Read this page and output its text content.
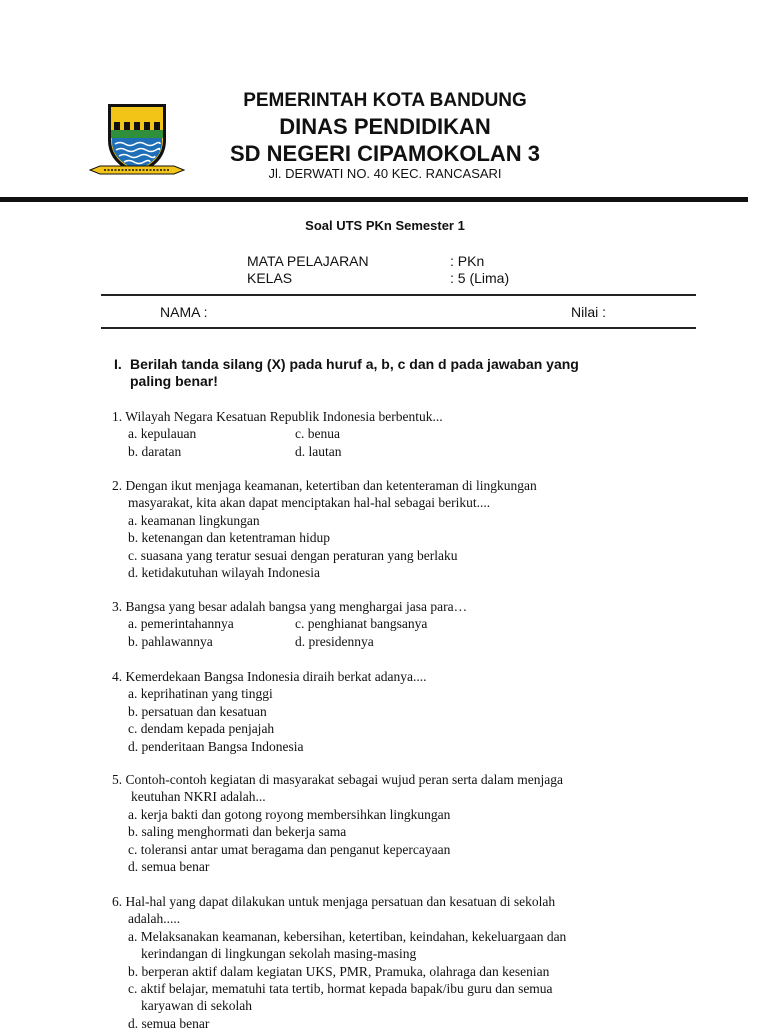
PEMERINTAH KOTA BANDUNG
DINAS PENDIDIKAN
SD NEGERI CIPAMOKOLAN 3
Jl. DERWATI NO. 40 KEC. RANCASARI
Soal UTS PKn Semester 1
MATA PELAJARAN	: PKn
KELAS	: 5 (Lima)
NAMA :	Nilai :
I. Berilah tanda silang (X) pada huruf a, b, c dan d pada jawaban yang
paling benar!
1. Wilayah Negara Kesatuan Republik Indonesia berbentuk...
a. kepulauan	c. benua
b. daratan	d. lautan
2. Dengan ikut menjaga keamanan, ketertiban dan ketenteraman di lingkungan
masyarakat, kita akan dapat menciptakan hal-hal sebagai berikut....
a. keamanan lingkungan
b. ketenangan dan ketentraman hidup
c. suasana yang teratur sesuai dengan peraturan yang berlaku
d. ketidakutuhan wilayah Indonesia
3. Bangsa yang besar adalah bangsa yang menghargai jasa para…
a. pemerintahannya	c. penghianat bangsanya
b. pahlawannya	d. presidennya
4. Kemerdekaan Bangsa Indonesia diraih berkat adanya....
a. keprihatinan yang tinggi
b. persatuan dan kesatuan
c. dendam kepada penjajah
d. penderitaan Bangsa Indonesia
5. Contoh-contoh kegiatan di masyarakat sebagai wujud peran serta dalam menjaga
keutuhan NKRI adalah...
a. kerja bakti dan gotong royong membersihkan lingkungan
b. saling menghormati dan bekerja sama
c. toleransi antar umat beragama dan penganut kepercayaan
d. semua benar
6. Hal-hal yang dapat dilakukan untuk menjaga persatuan dan kesatuan di sekolah
adalah.....
a. Melaksanakan keamanan, kebersihan, ketertiban, keindahan, kekeluargaan dan
kerindangan di lingkungan sekolah masing-masing
b. berperan aktif dalam kegiatan UKS, PMR, Pramuka, olahraga dan kesenian
c. aktif belajar, mematuhi tata tertib, hormat kepada bapak/ibu guru dan semua
karyawan di sekolah
d. semua benar
